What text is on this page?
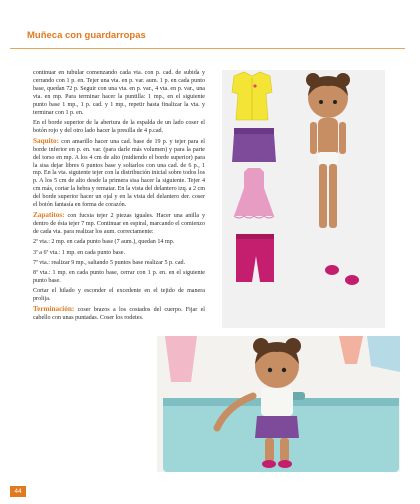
Muñeca con guardarropas

continuar en tubular comenzando cada vta. con p. cad. de subida y cerrando con 1 p. en. Tejer una vta. en p. var. aum. 1 p. en cada punto base, quedan 72 p. Seguir con una vta. en p. var., 4 vta. en p. var., una vta. en mp. Para terminar hacer la puntilla: 1 mp., en el siguiente punto base 1 mp., 1 p. cad. y 1 mp., repetir hasta finalizar la vta. y terminar con 1 p. en.

En el borde superior de la abertura de la espalda de un lado coser el botón rojo y del otro lado hacer la presilla de 4 p.cad.

Saquito: con amarillo hacer una cad. base de 19 p. y tejer para el borde inferior en p. en. var. (para darle más volumen) y para la parte del torso en mp. A los 4 cm de alto (midiendo el borde superior) para la sisa dejar libres 6 puntos base y soltarlos con una cad. de 6 p., 1 mp. En la vta. siguiente tejer con la distribución inicial sobre todos los p. A los 5 cm de alto desde la primera sisa hacer la siguiente. Tejer 4 cm más, cortar la hebra y rematar. En la vista del delantero izq. a 2 cm del borde superior hacer un ojal y en la vista del delantero der. coser el botón fantasía en forma de corazón.

Zapatitos: con fucsia tejer 2 piezas iguales. Hacer una anilla y dentro de ésta tejer 7 mp. Continuar en espiral, marcando el comienzo de cada vta. para realizar los aum. correctamente:

2ª vta.: 2 mp. en cada punto base (7 aum.), quedan 14 mp.

3ª a 6ª vta.: 1 mp. en cada punto base.

7ª vta.: realizar 9 mp., saltando 5 puntos base realizar 5 p. cad.

8ª vta.: 1 mp. en cada punto base, cerrar con 1 p. en. en el siguiente punto base.

Cortar el hilado y esconder el excedente en el tejido de manera prolija.

Terminación: coser brazos a los costados del cuerpo. Fijar el cabello con unas puntadas. Coser los rodetes.

44
